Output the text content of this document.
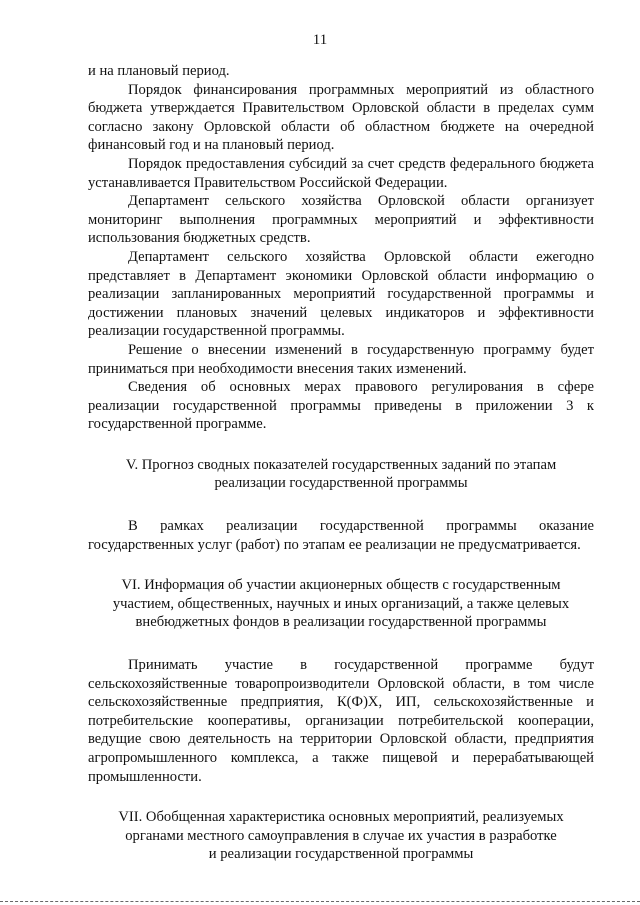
11

и на плановый период.

Порядок финансирования программных мероприятий из областного бюджета утверждается Правительством Орловской области в пределах сумм согласно закону Орловской области об областном бюджете на очередной финансовый год и на плановый период.

Порядок предоставления субсидий за счет средств федерального бюджета устанавливается Правительством Российской Федерации.

Департамент сельского хозяйства Орловской области организует мониторинг выполнения программных мероприятий и эффективности использования бюджетных средств.

Департамент сельского хозяйства Орловской области ежегодно представляет в Департамент экономики Орловской области информацию о реализации запланированных мероприятий государственной программы и достижении плановых значений целевых индикаторов и эффективности реализации государственной программы.

Решение о внесении изменений в государственную программу будет приниматься при необходимости внесения таких изменений.

Сведения об основных мерах правового регулирования в сфере реализации государственной программы приведены в приложении 3 к государственной программе.

V. Прогноз сводных показателей государственных заданий по этапам
реализации государственной программы

В рамках реализации государственной программы оказание государственных услуг (работ) по этапам ее реализации не предусматривается.

VI. Информация об участии акционерных обществ с государственным
участием, общественных, научных и иных организаций, а также целевых
внебюджетных фондов в реализации государственной программы

Принимать участие в государственной программе будут сельскохозяйственные товаропроизводители Орловской области, в том числе сельскохозяйственные предприятия, К(Ф)Х, ИП, сельскохозяйственные и потребительские кооперативы, организации потребительской кооперации, ведущие свою деятельность на территории Орловской области, предприятия агропромышленного комплекса, а также пищевой и перерабатывающей промышленности.

VII. Обобщенная характеристика основных мероприятий, реализуемых
органами местного самоуправления в случае их участия в разработке
и реализации государственной программы
